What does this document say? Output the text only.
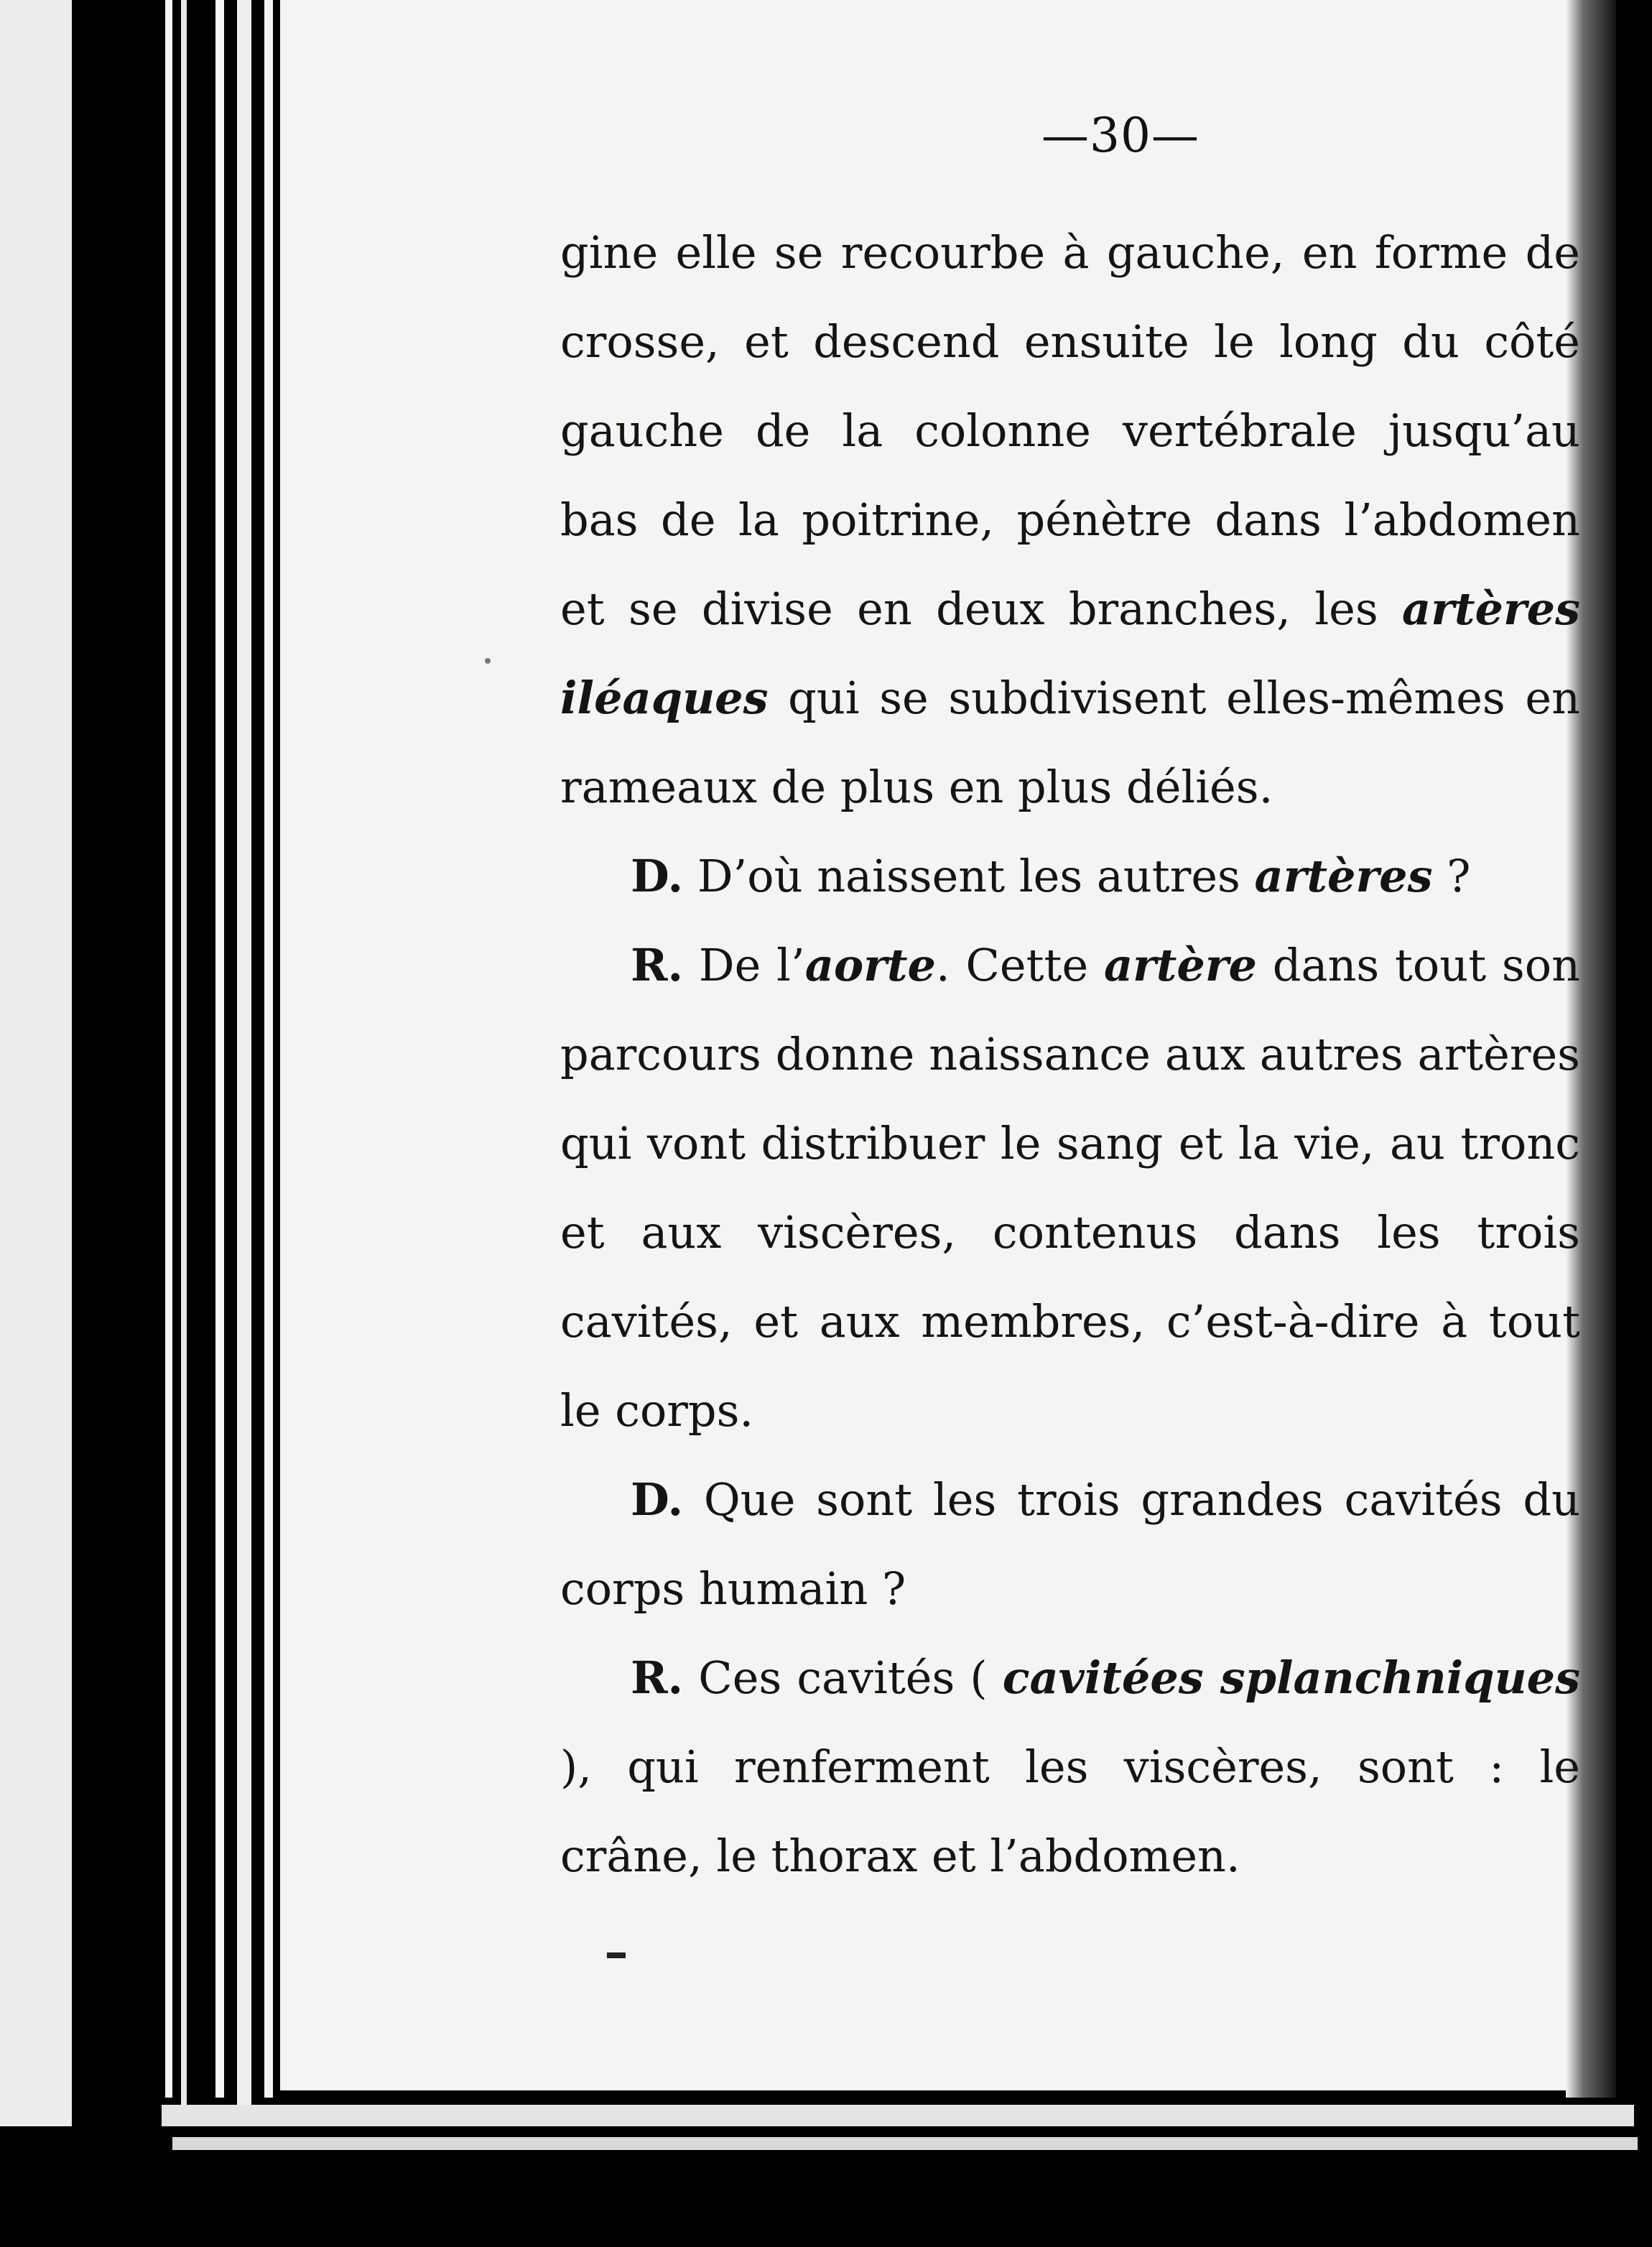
—30—

gine elle se recourbe à gauche, en forme de crosse, et descend ensuite le long du côté gauche de la colonne vertébrale jusqu’au bas de la poitrine, pénètre dans l’abdomen et se divise en deux branches, les artères iléaques qui se subdivisent elles-mêmes en rameaux de plus en plus déliés.

D. D’où naissent les autres artères ?

R. De l’aorte. Cette artère dans tout son parcours donne naissance aux autres artères qui vont distribuer le sang et la vie, au tronc et aux viscères, contenus dans les trois cavités, et aux membres, c’est-à-dire à tout le corps.

D. Que sont les trois grandes cavités du corps humain ?

R. Ces cavités ( cavitées splanchniques ), qui renferment les viscères, sont : le crâne, le thorax et l’abdomen.
